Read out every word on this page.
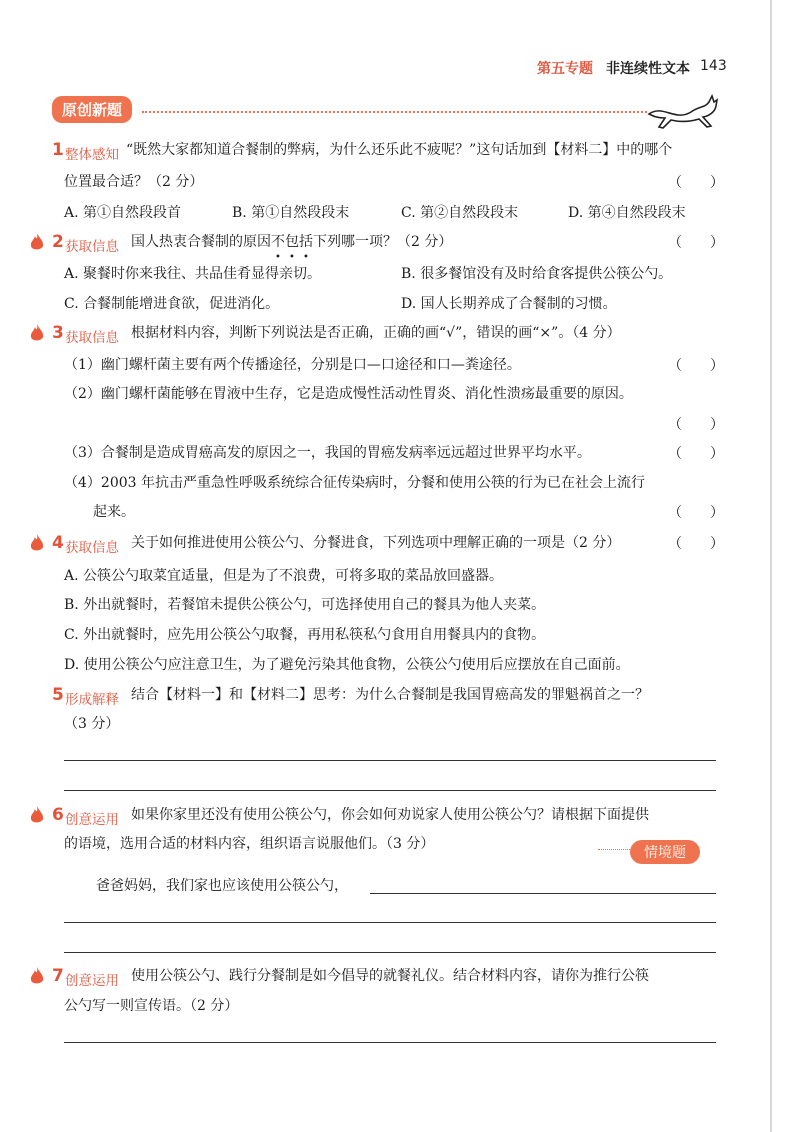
第五专题 非连续性文本 143
原创新题
1 整体感知 “既然大家都知道合餐制的弊病，为什么还乐此不疲呢？”这句话加到【材料二】中的哪个
位置最合适？（2 分）	（　　）
A. 第①自然段段首	B. 第①自然段段末	C. 第②自然段段末	D. 第④自然段段末
2 获取信息 国人热衷合餐制的原因不包括下列哪一项？（2 分）	（　　）
A. 聚餐时你来我往、共品佳肴显得亲切。	B. 很多餐馆没有及时给食客提供公筷公勺。
C. 合餐制能增进食欲，促进消化。	D. 国人长期养成了合餐制的习惯。
3 获取信息 根据材料内容，判断下列说法是否正确，正确的画“√”，错误的画“×”。（4 分）
（1）幽门螺杆菌主要有两个传播途径，分别是口—口途径和口—粪途径。	（　　）
（2）幽门螺杆菌能够在胃液中生存，它是造成慢性活动性胃炎、消化性溃疡最重要的原因。
（　　）
（3）合餐制是造成胃癌高发的原因之一，我国的胃癌发病率远远超过世界平均水平。	（　　）
（4）2003 年抗击严重急性呼吸系统综合征传染病时，分餐和使用公筷的行为已在社会上流行
起来。	（　　）
4 获取信息 关于如何推进使用公筷公勺、分餐进食，下列选项中理解正确的一项是（2 分）	（　　）
A. 公筷公勺取菜宜适量，但是为了不浪费，可将多取的菜品放回盛器。
B. 外出就餐时，若餐馆未提供公筷公勺，可选择使用自己的餐具为他人夹菜。
C. 外出就餐时，应先用公筷公勺取餐，再用私筷私勺食用自用餐具内的食物。
D. 使用公筷公勺应注意卫生，为了避免污染其他食物，公筷公勺使用后应摆放在自己面前。
5 形成解释 结合【材料一】和【材料二】思考：为什么合餐制是我国胃癌高发的罪魁祸首之一？
（3 分）
6 创意运用 如果你家里还没有使用公筷公勺，你会如何劝说家人使用公筷公勺？请根据下面提供
的语境，选用合适的材料内容，组织语言说服他们。（3 分）
情境题
爸爸妈妈，我们家也应该使用公筷公勺，
7 创意运用 使用公筷公勺、践行分餐制是如今倡导的就餐礼仪。结合材料内容，请你为推行公筷
公勺写一则宣传语。（2 分）
